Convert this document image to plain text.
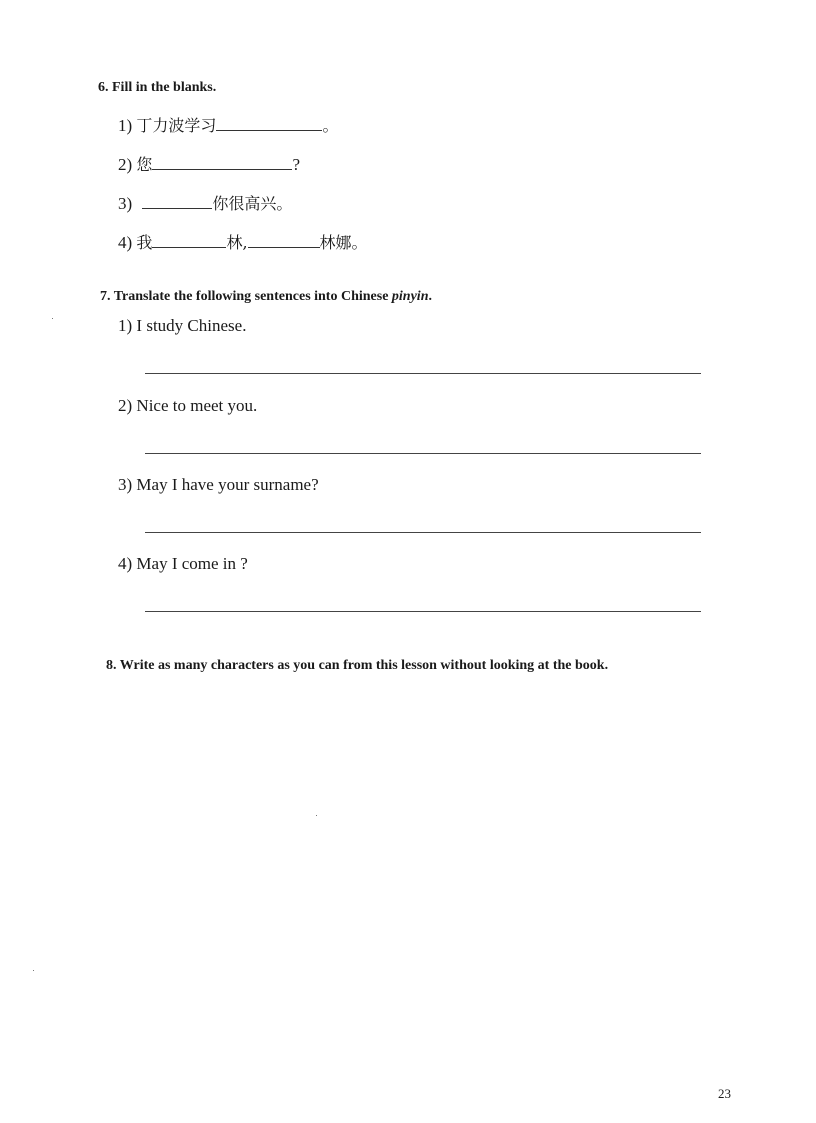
6. Fill in the blanks.
1) 丁力波学习	。
2) 您	?
3)	你很高兴。
4) 我	林,	林娜。
7. Translate the following sentences into Chinese pinyin.
1) I study Chinese.
2) Nice to meet you.
3) May I have your surname?
4) May I come in ?
8. Write as many characters as you can from this lesson without looking at the book.
23
